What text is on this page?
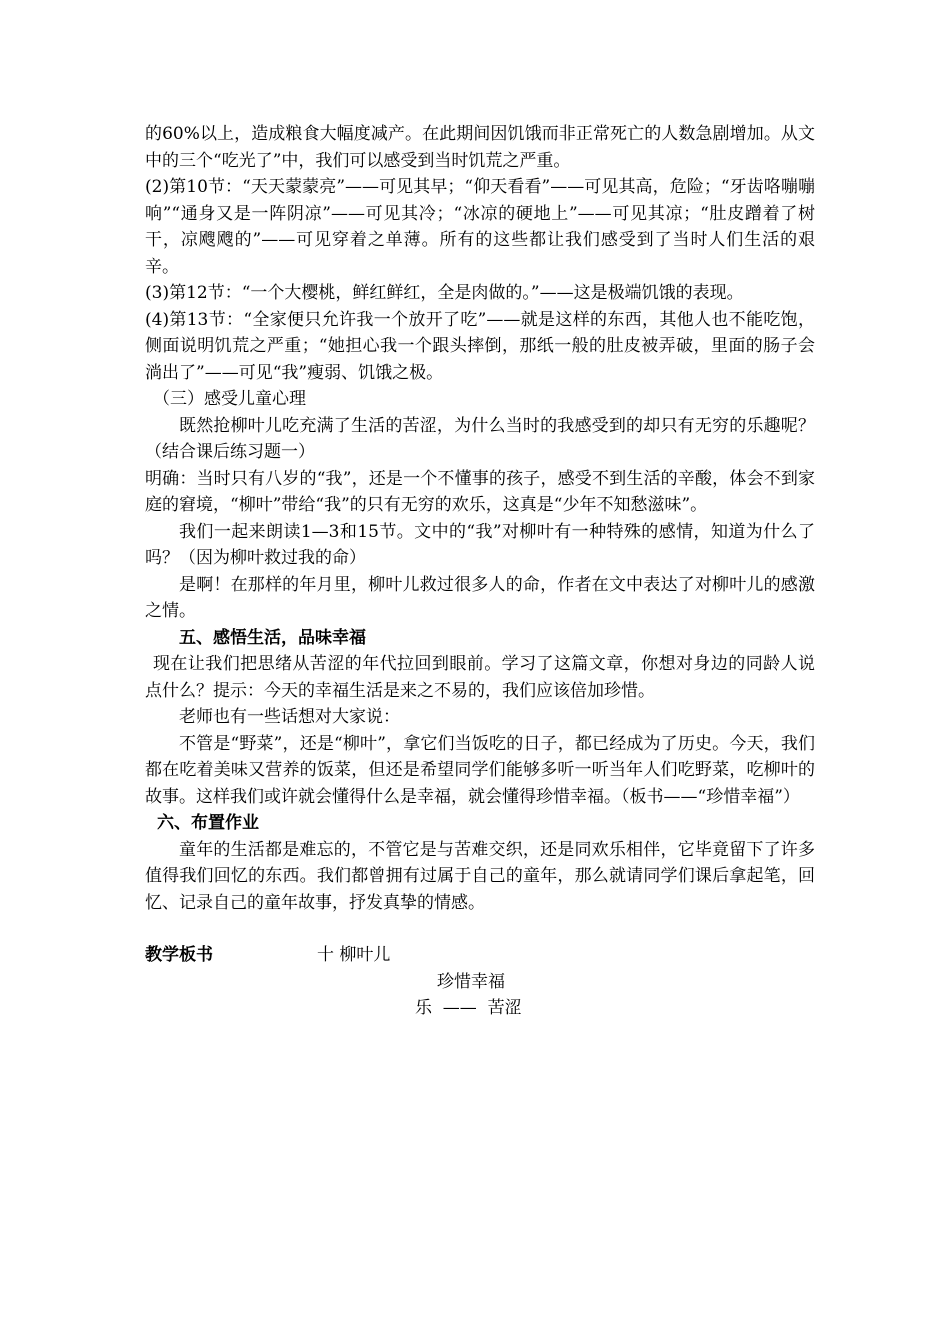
的60%以上，造成粮食大幅度减产。在此期间因饥饿而非正常死亡的人数急剧增加。从文中的三个“吃光了”中，我们可以感受到当时饥荒之严重。

(2)第10节：“天天蒙蒙亮”——可见其早；“仰天看看”——可见其高，危险；“牙齿咯嘣嘣响”“通身又是一阵阴凉”——可见其冷；“冰凉的硬地上”——可见其凉；“肚皮蹭着了树干，凉飕飕的”——可见穿着之单薄。所有的这些都让我们感受到了当时人们生活的艰辛。

(3)第12节：“一个大樱桃，鲜红鲜红，全是肉做的。”——这是极端饥饿的表现。

(4)第13节：“全家便只允许我一个放开了吃”——就是这样的东西，其他人也不能吃饱，侧面说明饥荒之严重；“她担心我一个跟头摔倒，那纸一般的肚皮被弄破，里面的肠子会淌出了”——可见“我”瘦弱、饥饿之极。

（三）感受儿童心理

既然抢柳叶儿吃充满了生活的苦涩，为什么当时的我感受到的却只有无穷的乐趣呢？（结合课后练习题一）

明确：当时只有八岁的“我”，还是一个不懂事的孩子，感受不到生活的辛酸，体会不到家庭的窘境，“柳叶”带给“我”的只有无穷的欢乐，这真是“少年不知愁滋味”。

我们一起来朗读1—3和15节。文中的“我”对柳叶有一种特殊的感情，知道为什么了吗？（因为柳叶救过我的命）

是啊！在那样的年月里，柳叶儿救过很多人的命，作者在文中表达了对柳叶儿的感激之情。

五、感悟生活，品味幸福

现在让我们把思绪从苦涩的年代拉回到眼前。学习了这篇文章，你想对身边的同龄人说点什么？提示：今天的幸福生活是来之不易的，我们应该倍加珍惜。

老师也有一些话想对大家说：

不管是“野菜”，还是“柳叶”，拿它们当饭吃的日子，都已经成为了历史。今天，我们都在吃着美味又营养的饭菜，但还是希望同学们能够多听一听当年人们吃野菜，吃柳叶的故事。这样我们或许就会懂得什么是幸福，就会懂得珍惜幸福。（板书——“珍惜幸福”）

六、布置作业

童年的生活都是难忘的，不管它是与苦难交织，还是同欢乐相伴，它毕竟留下了许多值得我们回忆的东西。我们都曾拥有过属于自己的童年，那么就请同学们课后拿起笔，回忆、记录自己的童年故事，抒发真挚的情感。

教学板书	十 柳叶儿
珍惜幸福
乐  ——  苦涩
